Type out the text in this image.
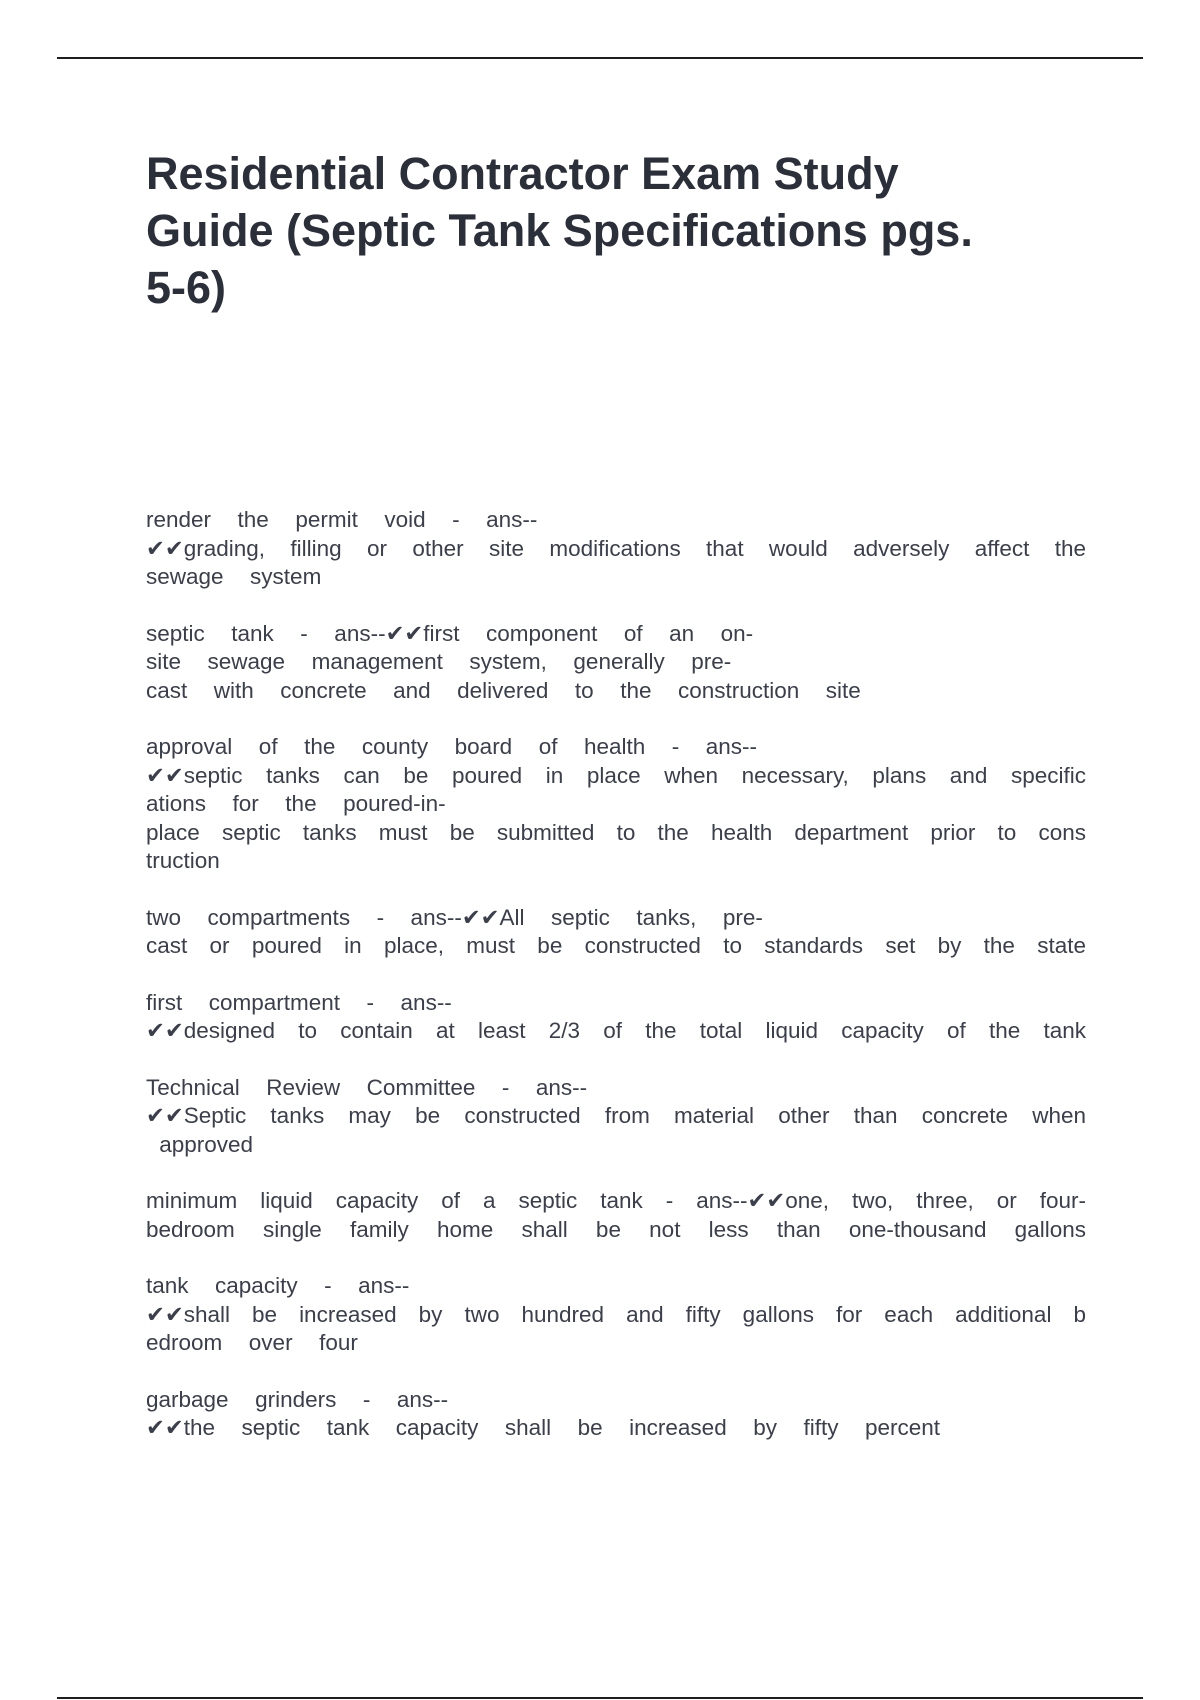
Residential Contractor Exam Study
Guide (Septic Tank Specifications pgs.
5-6)
render  the  permit  void  -  ans--
✔✔grading, filling or other site modifications that would adversely affect the
sewage  system
septic  tank  -  ans--✔✔first  component  of  an  on-
site  sewage  management  system,  generally  pre-
cast  with  concrete  and  delivered  to  the  construction  site
approval  of  the  county  board  of  health  -  ans--
✔✔septic tanks can be poured in place when necessary, plans and specific
ations  for  the  poured-in-
place septic tanks must be submitted to the health department prior to cons
truction
two  compartments  -  ans--✔✔All  septic  tanks,  pre-
cast or poured in place, must be constructed to standards set by the state
first  compartment  -  ans--
✔✔designed to contain at least 2/3 of the total liquid capacity of the tank
Technical  Review  Committee  -  ans--
✔✔Septic tanks may be constructed from material other than concrete when
approved
minimum liquid capacity of a septic tank - ans--✔✔one, two, three, or four-
bedroom single family home shall be not less than one-thousand gallons
tank  capacity  -  ans--
✔✔shall be increased by two hundred and fifty gallons for each additional b
edroom  over  four
garbage  grinders  -  ans--
✔✔the  septic  tank  capacity  shall  be  increased  by  fifty  percent
